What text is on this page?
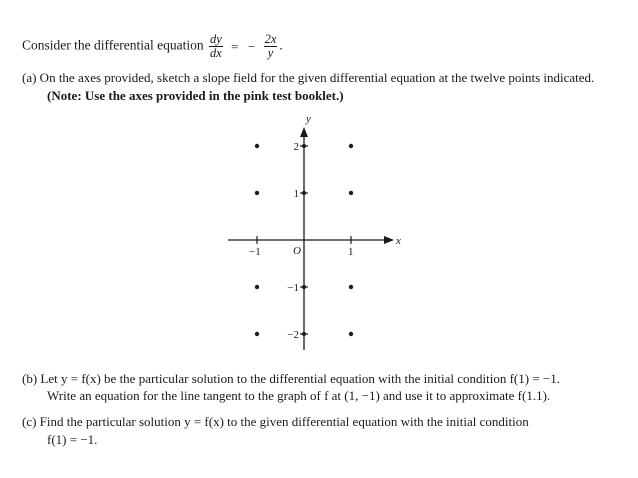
Consider the differential equation $\frac{dy}{dx}$ = − $\frac{2x}{y}$ .
(a) On the axes provided, sketch a slope field for the given differential equation at the twelve points indicated.
(Note: Use the axes provided in the pink test booklet.)
y
x
O
−1	1
2
1
−1
−2
(b) Let y = f(x) be the particular solution to the differential equation with the initial condition f(1) = −1.
Write an equation for the line tangent to the graph of f at (1, −1) and use it to approximate f(1.1).
(c) Find the particular solution y = f(x) to the given differential equation with the initial condition
f(1) = −1.
